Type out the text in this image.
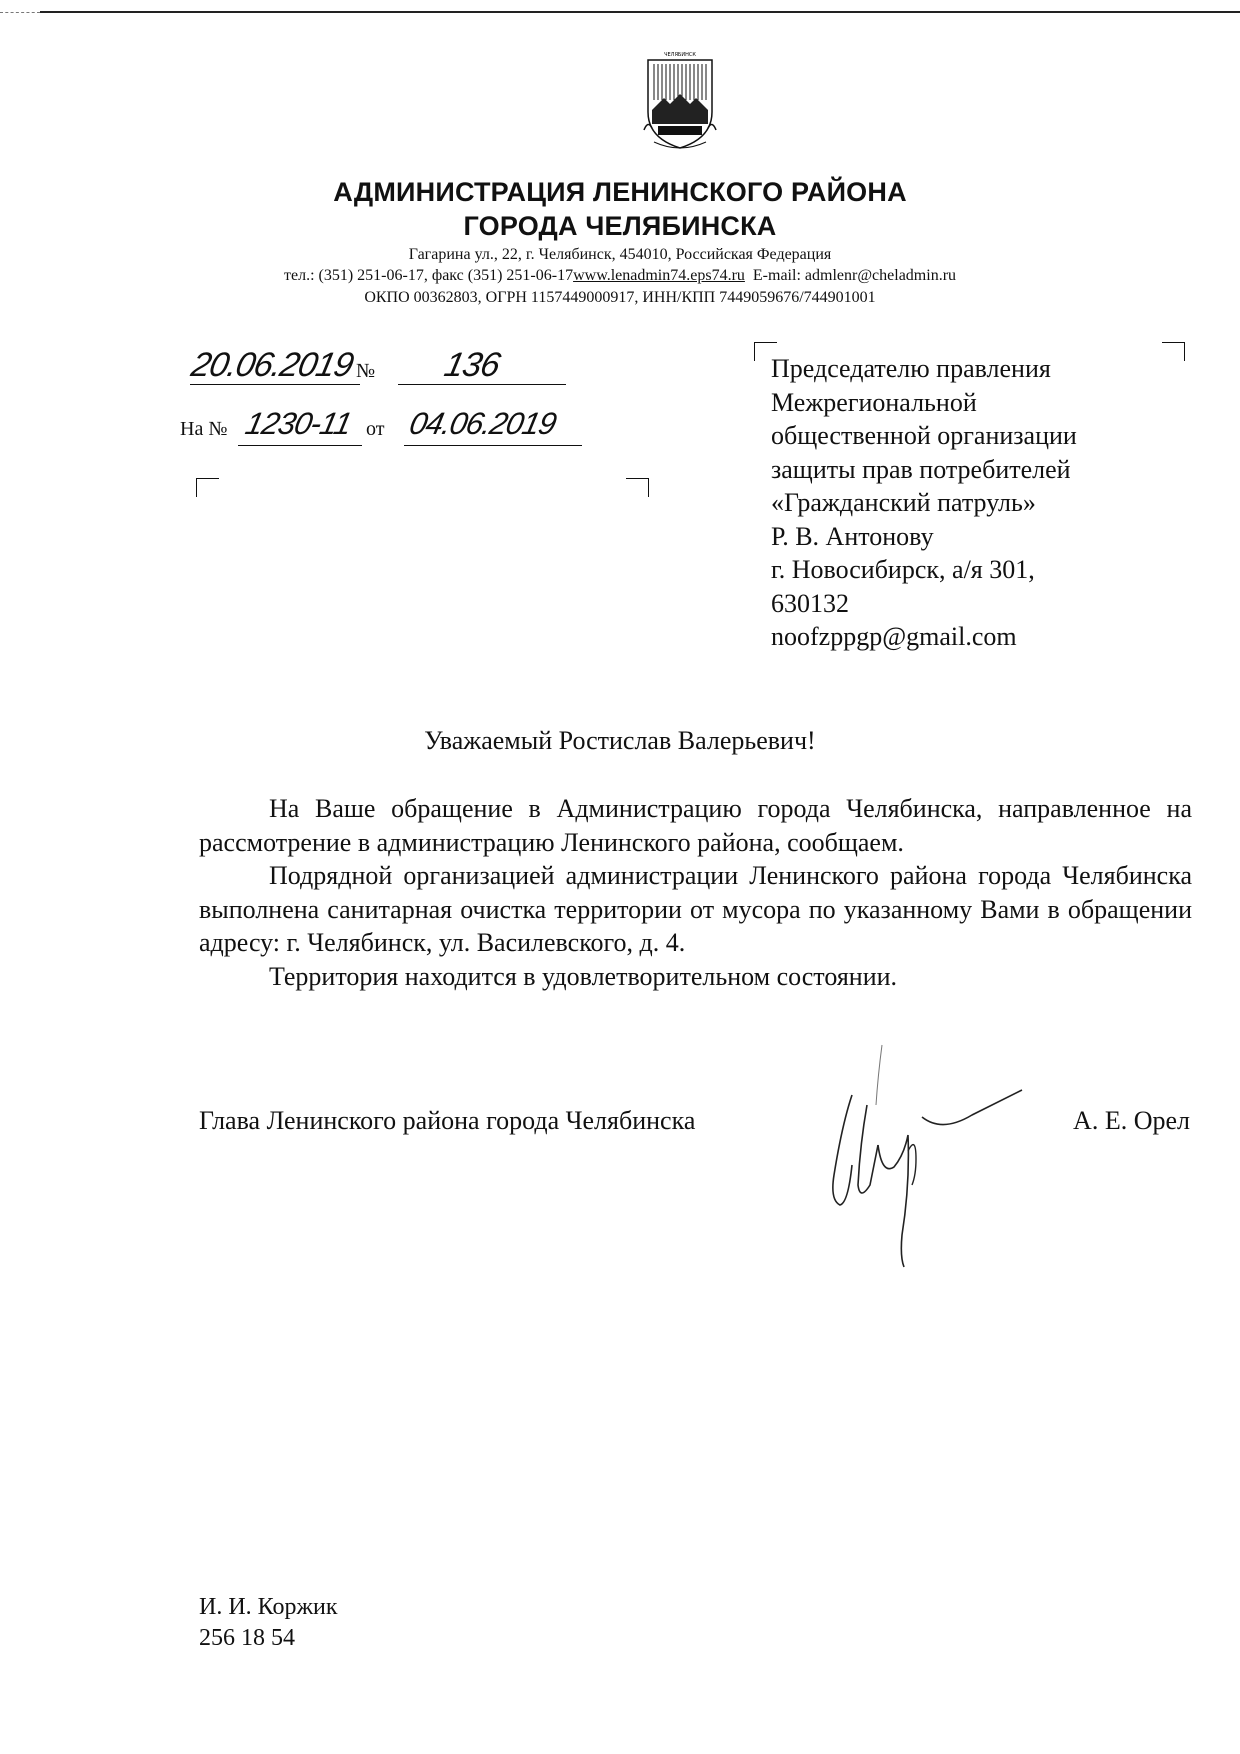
ЧЕЛЯБИНСК
АДМИНИСТРАЦИЯ ЛЕНИНСКОГО РАЙОНА
ГОРОДА ЧЕЛЯБИНСКА
Гагарина ул., 22, г. Челябинск, 454010, Российская Федерация
тел.: (351) 251-06-17, факс (351) 251-06-17www.lenadmin74.eps74.ru E-mail: admlenr@cheladmin.ru
ОКПО 00362803, ОГРН 1157449000917, ИНН/КПП 7449059676/744901001
20.06.2019 № 136
На № 1230-11 от 04.06.2019
Председателю правления
Межрегиональной
общественной организации
защиты прав потребителей
«Гражданский патруль»
Р. В. Антонову
г. Новосибирск, а/я 301,
630132
noofzppgp@gmail.com
Уважаемый Ростислав Валерьевич!

На Ваше обращение в Администрацию города Челябинска, направленное на рассмотрение в администрацию Ленинского района, сообщаем.

Подрядной организацией администрации Ленинского района города Челябинска выполнена санитарная очистка территории от мусора по указанному Вами в обращении адресу: г. Челябинск, ул. Василевского, д. 4.

Территория находится в удовлетворительном состоянии.

Глава Ленинского района города Челябинска	А. Е. Орел
И. И. Коржик
256 18 54
